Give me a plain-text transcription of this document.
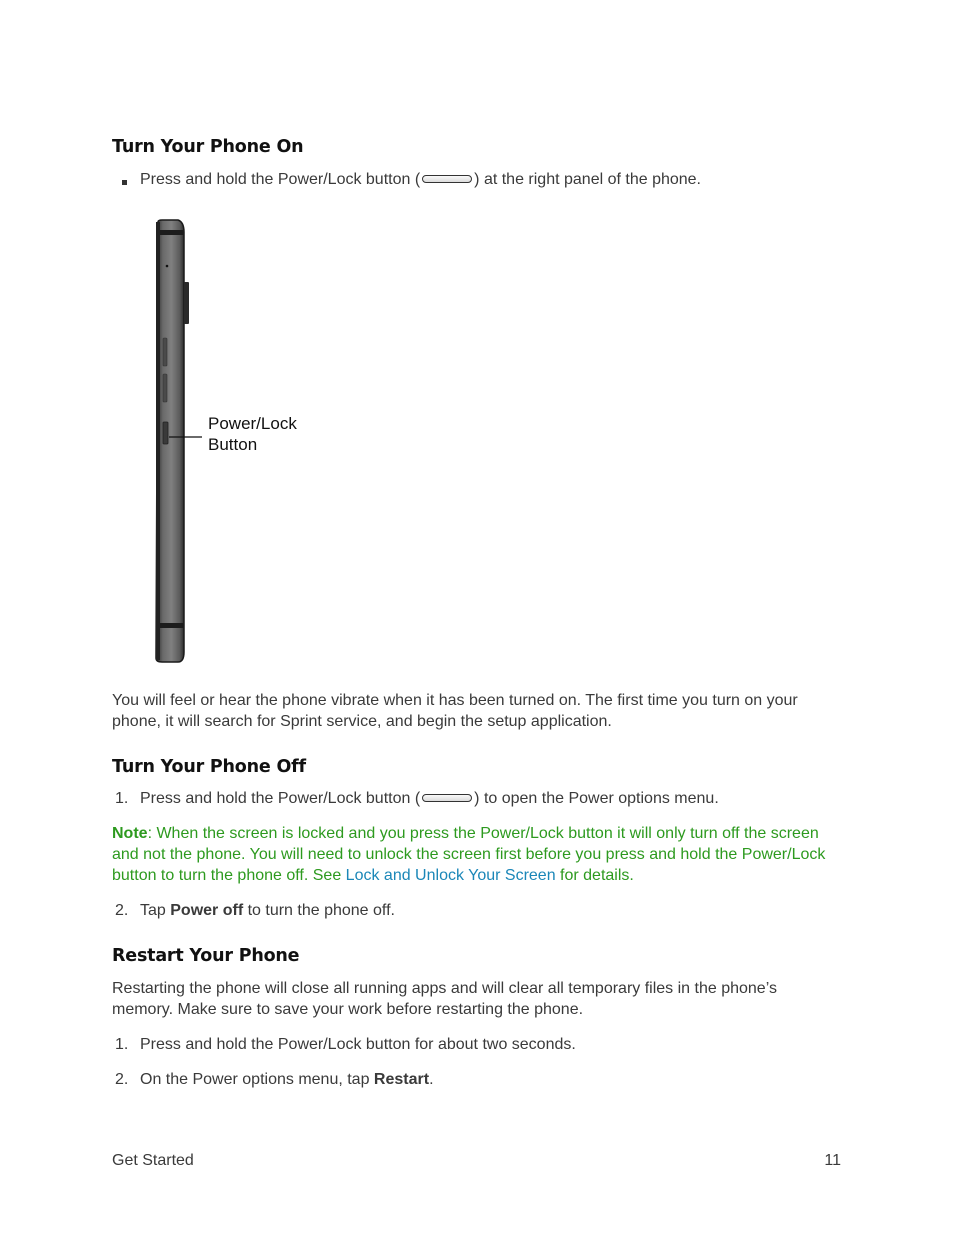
Turn Your Phone On
Press and hold the Power/Lock button (	) at the right panel of the phone.
Power/Lock
Button
You will feel or hear the phone vibrate when it has been turned on. The first time you turn on your phone, it will search for Sprint service, and begin the setup application.
Turn Your Phone Off
1. Press and hold the Power/Lock button (	) to open the Power options menu.
Note: When the screen is locked and you press the Power/Lock button it will only turn off the screen and not the phone. You will need to unlock the screen first before you press and hold the Power/Lock button to turn the phone off. See Lock and Unlock Your Screen for details.
2. Tap Power off to turn the phone off.
Restart Your Phone
Restarting the phone will close all running apps and will clear all temporary files in the phone’s memory. Make sure to save your work before restarting the phone.
1. Press and hold the Power/Lock button for about two seconds.
2. On the Power options menu, tap Restart.
Get Started	11
